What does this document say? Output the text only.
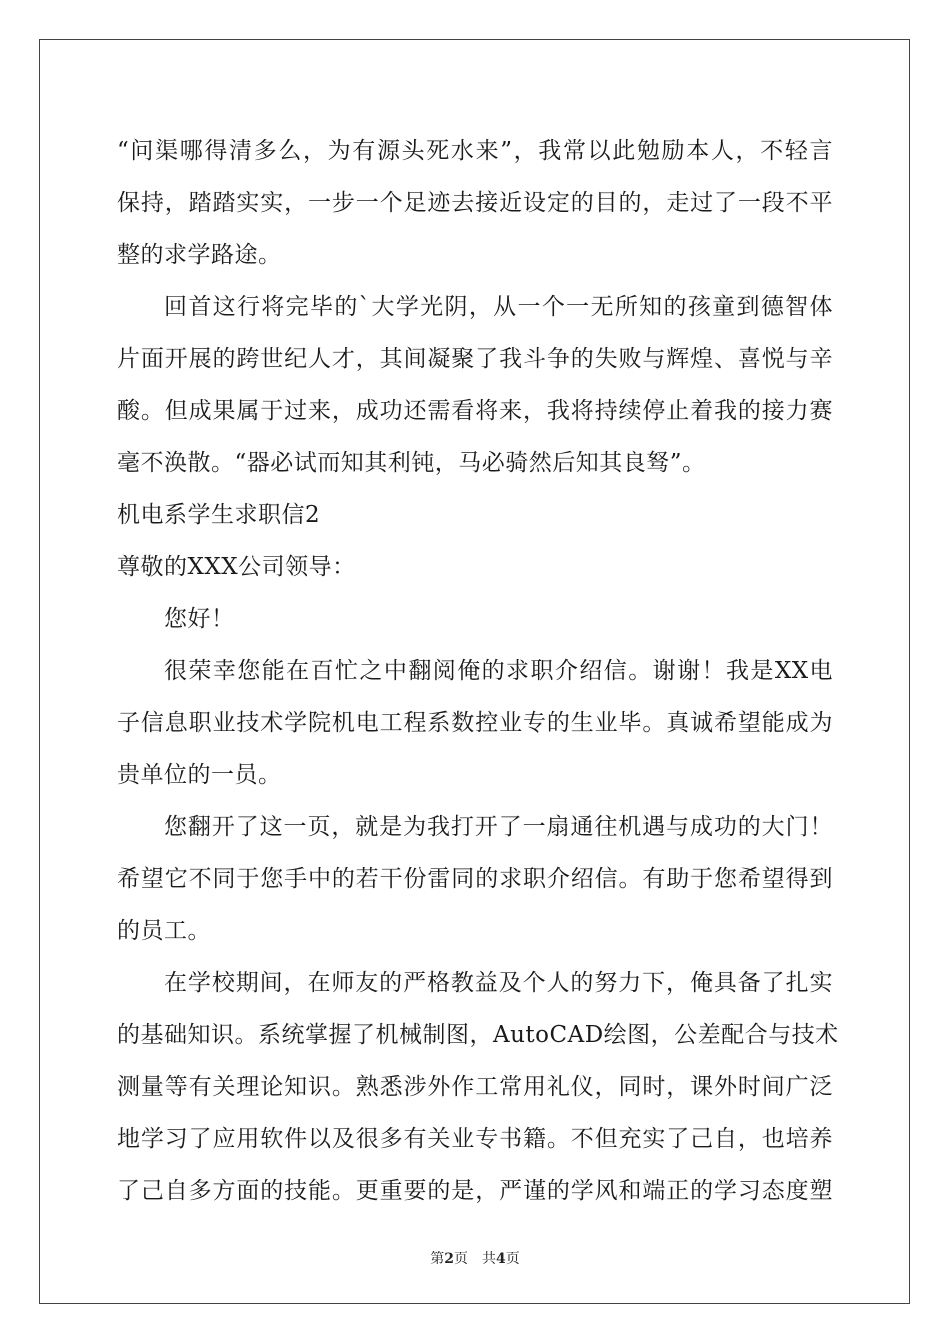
“问渠哪得清多么，为有源头死水来”，我常以此勉励本人，不轻言
保持，踏踏实实，一步一个足迹去接近设定的目的，走过了一段不平
整的求学路途。
回首这行将完毕的`大学光阴，从一个一无所知的孩童到德智体
片面开展的跨世纪人才，其间凝聚了我斗争的失败与辉煌、喜悦与辛
酸。但成果属于过来，成功还需看将来，我将持续停止着我的接力赛
毫不涣散。“器必试而知其利钝，马必骑然后知其良驽”。
机电系学生求职信2
尊敬的XXX公司领导：
您好！
很荣幸您能在百忙之中翻阅俺的求职介绍信。谢谢！我是XX电
子信息职业技术学院机电工程系数控业专的生业毕。真诚希望能成为
贵单位的一员。
您翻开了这一页，就是为我打开了一扇通往机遇与成功的大门！
希望它不同于您手中的若干份雷同的求职介绍信。有助于您希望得到
的员工。
在学校期间，在师友的严格教益及个人的努力下，俺具备了扎实
的基础知识。系统掌握了机械制图，AutoCAD绘图，公差配合与技术
测量等有关理论知识。熟悉涉外作工常用礼仪，同时，课外时间广泛
地学习了应用软件以及很多有关业专书籍。不但充实了己自，也培养
了己自多方面的技能。更重要的是，严谨的学风和端正的学习态度塑
第2页　共4页
